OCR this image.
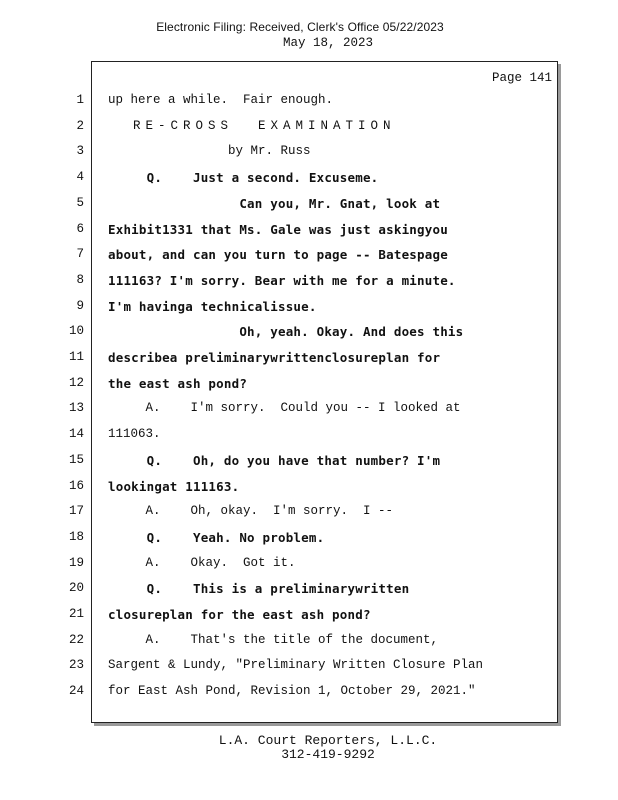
Electronic Filing: Received, Clerk's Office 05/22/2023
May 18, 2023
Page 141
1 up here a while.  Fair enough.
2 RE-CROSS  EXAMINATION
3 by Mr. Russ
4 Q.    Just a second. Excuseme.
5 Can you, Mr. Gnat, look at
6 Exhibit1331 that Ms. Gale was just askingyou
7 about, and can you turn to page -- Batespage
8 111163? I'm sorry. Bear with me for a minute.
9 I'm havinga technicalissue.
10 Oh, yeah. Okay. And does this
11 describea preliminarywrittenclosureplan for
12 the east ash pond?
13 A.    I'm sorry.  Could you -- I looked at
14 111063.
15 Q.    Oh, do you have that number? I'm
16 lookingat 111163.
17 A.    Oh, okay.  I'm sorry.  I --
18 Q.    Yeah. No problem.
19 A.    Okay.  Got it.
20 Q.    This is a preliminarywritten
21 closureplan for the east ash pond?
22 A.    That's the title of the document,
23 Sargent & Lundy, "Preliminary Written Closure Plan
24 for East Ash Pond, Revision 1, October 29, 2021."
L.A. Court Reporters, L.L.C.
312-419-9292
